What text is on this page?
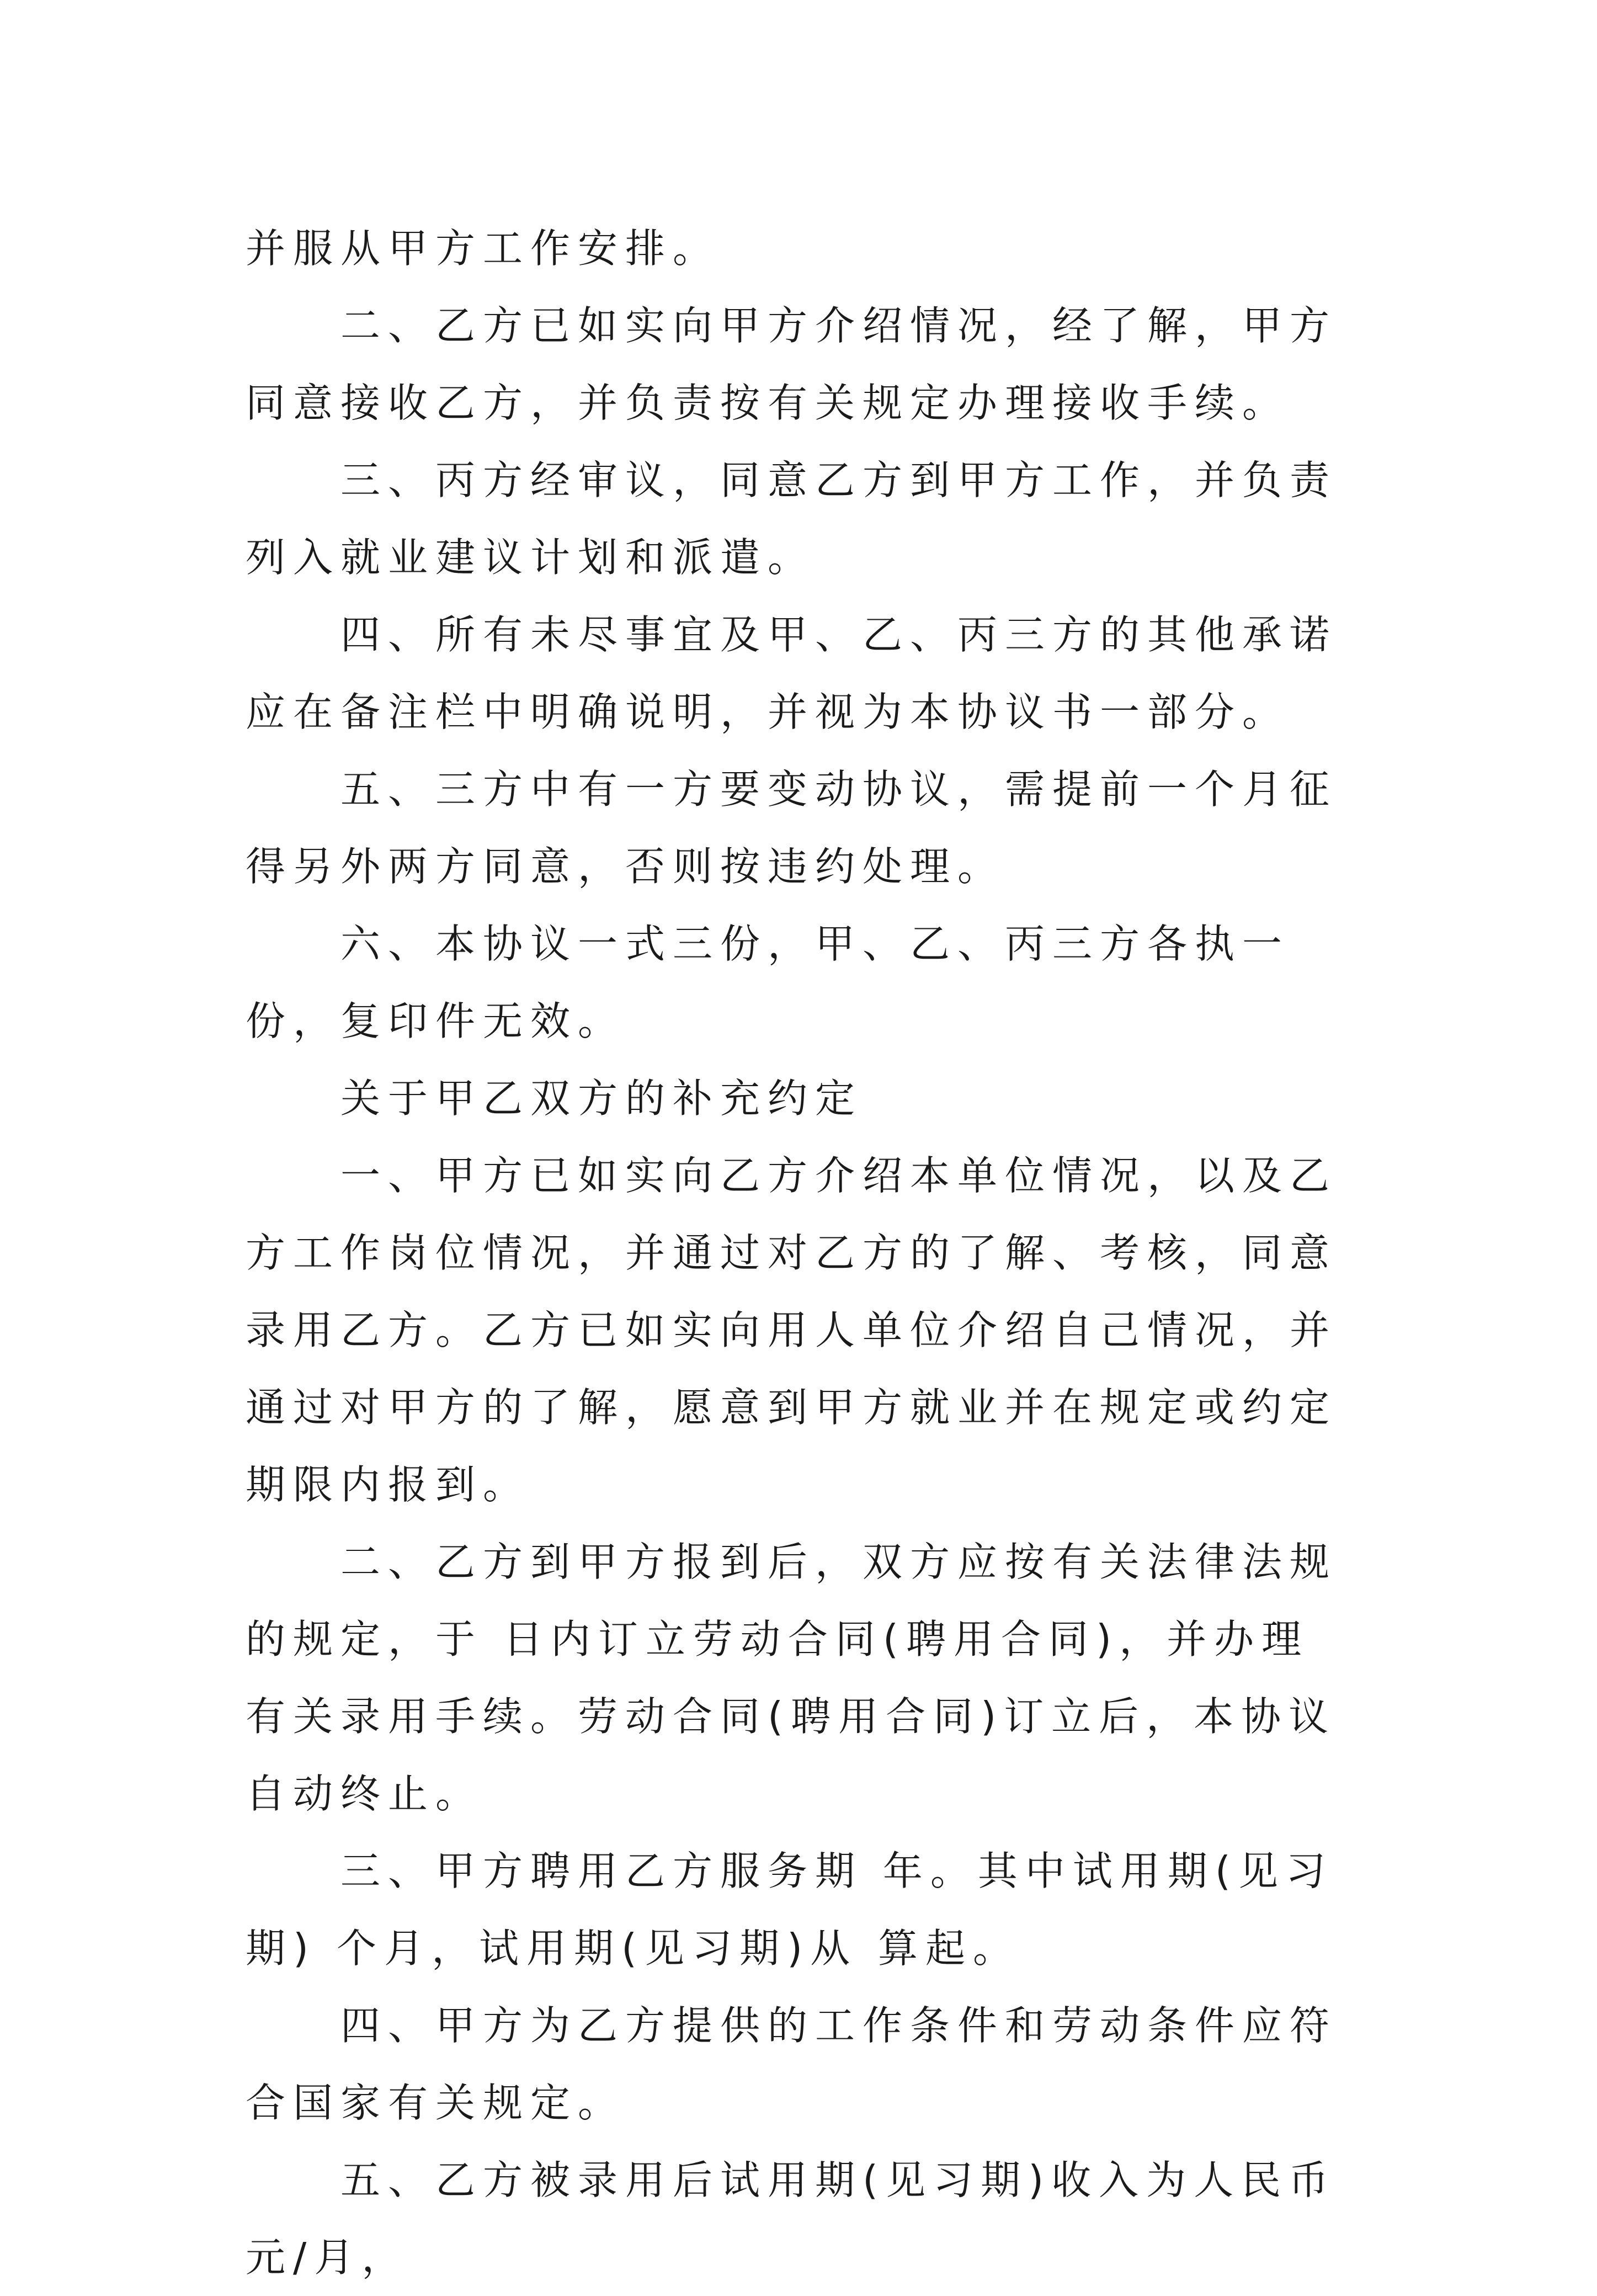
并服从甲方工作安排。

二、乙方已如实向甲方介绍情况，经了解，甲方同意接收乙方，并负责按有关规定办理接收手续。

三、丙方经审议，同意乙方到甲方工作，并负责列入就业建议计划和派遣。

四、所有未尽事宜及甲、乙、丙三方的其他承诺应在备注栏中明确说明，并视为本协议书一部分。

五、三方中有一方要变动协议，需提前一个月征得另外两方同意，否则按违约处理。

六、本协议一式三份，甲、乙、丙三方各执一份，复印件无效。

关于甲乙双方的补充约定

一、甲方已如实向乙方介绍本单位情况，以及乙方工作岗位情况，并通过对乙方的了解、考核，同意录用乙方。乙方已如实向用人单位介绍自己情况，并通过对甲方的了解，愿意到甲方就业并在规定或约定期限内报到。

二、乙方到甲方报到后，双方应按有关法律法规的规定，于 日内订立劳动合同(聘用合同)，并办理有关录用手续。劳动合同(聘用合同)订立后，本协议自动终止。

三、甲方聘用乙方服务期 年。其中试用期(见习期) 个月，试用期(见习期)从 算起。

四、甲方为乙方提供的工作条件和劳动条件应符合国家有关规定。

五、乙方被录用后试用期(见习期)收入为人民币 元/月，
